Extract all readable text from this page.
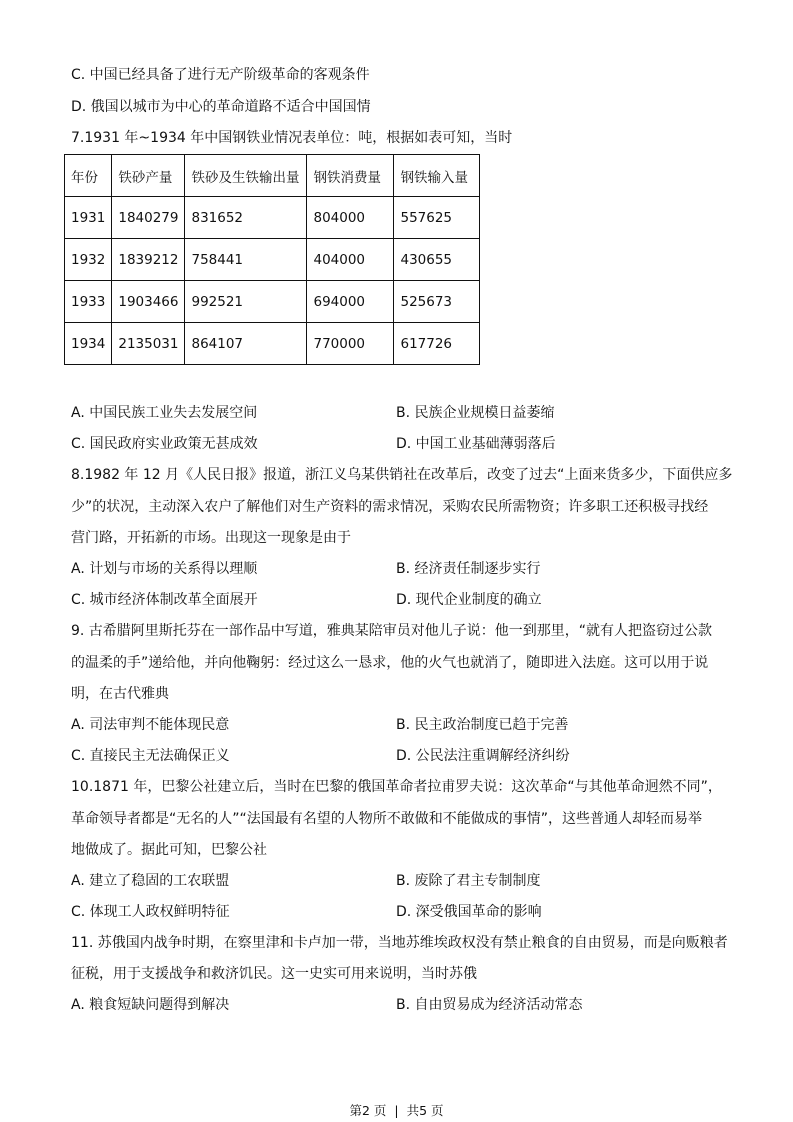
C. 中国已经具备了进行无产阶级革命的客观条件
D. 俄国以城市为中心的革命道路不适合中国国情
7.1931 年~1934 年中国钢铁业情况表单位：吨，根据如表可知，当时
年份	铁砂产量	铁砂及生铁输出量	钢铁消费量	钢铁输入量
1931	1840279	831652	804000	557625
1932	1839212	758441	404000	430655
1933	1903466	992521	694000	525673
1934	2135031	864107	770000	617726
A. 中国民族工业失去发展空间	B. 民族企业规模日益萎缩
C. 国民政府实业政策无甚成效	D. 中国工业基础薄弱落后
8.1982 年 12 月《人民日报》报道，浙江义乌某供销社在改革后，改变了过去“上面来货多少，下面供应多
少”的状况，主动深入农户了解他们对生产资料的需求情况，采购农民所需物资；许多职工还积极寻找经
营门路，开拓新的市场。出现这一现象是由于
A. 计划与市场的关系得以理顺	B. 经济责任制逐步实行
C. 城市经济体制改革全面展开	D. 现代企业制度的确立
9. 古希腊阿里斯托芬在一部作品中写道，雅典某陪审员对他儿子说：他一到那里，“就有人把盗窃过公款
的温柔的手”递给他，并向他鞠躬：经过这么一恳求，他的火气也就消了，随即进入法庭。这可以用于说
明，在古代雅典
A. 司法审判不能体现民意	B. 民主政治制度已趋于完善
C. 直接民主无法确保正义	D. 公民法注重调解经济纠纷
10.1871 年，巴黎公社建立后，当时在巴黎的俄国革命者拉甫罗夫说：这次革命“与其他革命迥然不同”，
革命领导者都是“无名的人”“法国最有名望的人物所不敢做和不能做成的事情”，这些普通人却轻而易举
地做成了。据此可知，巴黎公社
A. 建立了稳固的工农联盟	B. 废除了君主专制制度
C. 体现工人政权鲜明特征	D. 深受俄国革命的影响
11. 苏俄国内战争时期，在察里津和卡卢加一带，当地苏维埃政权没有禁止粮食的自由贸易，而是向贩粮者
征税，用于支援战争和救济饥民。这一史实可用来说明，当时苏俄
A. 粮食短缺问题得到解决	B. 自由贸易成为经济活动常态
第2 页 | 共5 页
